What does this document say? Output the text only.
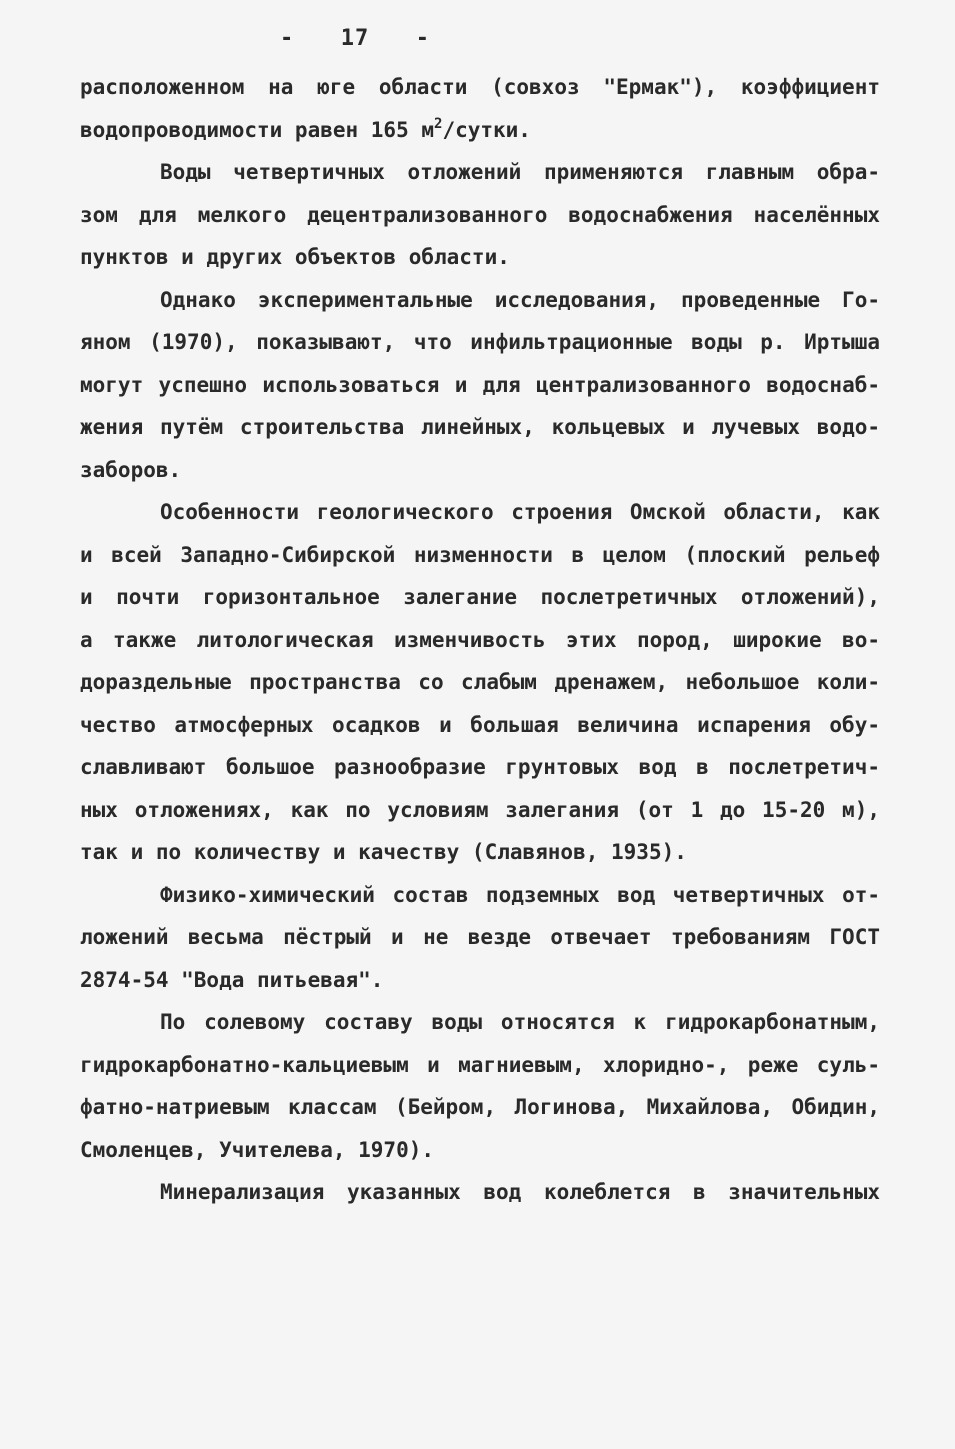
- 17 -
расположенном на юге области (совхоз "Ермак"), коэффициент
водопроводимости равен 165 $м^2$/сутки.
Воды четвертичных отложений применяются главным обра-
зом для мелкого децентрализованного водоснабжения населённых
пунктов и других объектов области.
Однако экспериментальные исследования, проведенные Го-
яном (1970), показывают, что инфильтрационные воды р. Иртыша
могут успешно использоваться и для централизованного водоснаб-
жения путём строительства линейных, кольцевых и лучевых водо-
заборов.
Особенности геологического строения Омской области, как
и всей Западно-Сибирской низменности в целом (плоский рельеф
и почти горизонтальное залегание послетретичных отложений),
а также литологическая изменчивость этих пород, широкие во-
дораздельные пространства со слабым дренажем, небольшое коли-
чество атмосферных осадков и большая величина испарения обу-
славливают большое разнообразие грунтовых вод в послетретич-
ных отложениях, как по условиям залегания (от 1 до 15-20 м),
так и по количеству и качеству (Славянов, 1935).
Физико-химический состав подземных вод четвертичных от-
ложений весьма пёстрый и не везде отвечает требованиям ГОСТ
2874-54 "Вода питьевая".
По солевому составу воды относятся к гидрокарбонатным,
гидрокарбонатно-кальциевым и магниевым, хлоридно-, реже суль-
фатно-натриевым классам (Бейром, Логинова, Михайлова, Обидин,
Смоленцев, Учителева, 1970).
Минерализация указанных вод колеблется в значительных
